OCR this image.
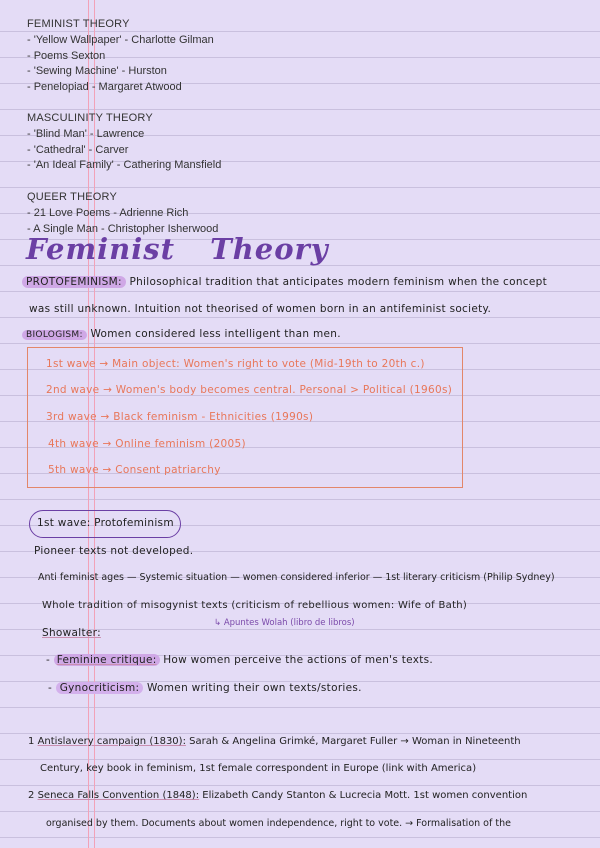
FEMINIST THEORY
- 'Yellow Wallpaper' - Charlotte Gilman
- Poems Sexton
- 'Sewing Machine' - Hurston
- Penelopiad - Margaret Atwood
MASCULINITY THEORY
- 'Blind Man' - Lawrence
- 'Cathedral' - Carver
- 'An Ideal Family' - Cathering Mansfield
QUEER THEORY
- 21 Love Poems - Adrienne Rich
- A Single Man - Christopher Isherwood
Feminist Theory
PROTOFEMINISM: Philosophical tradition that anticipates modern feminism when the concept
was still unknown. Intuition not theorised of women born in an antifeminist society.
BIOLOGISM: Women considered less intelligent than men.
1st wave → Main object: Women's right to vote (Mid-19th to 20th c.)
2nd wave → Women's body becomes central. Personal > Political (1960s)
3rd wave → Black feminism - Ethnicities (1990s)
4th wave → Online feminism (2005)
5th wave → Consent patriarchy
1st wave: Protofeminism
Pioneer texts not developed.
Anti feminist ages — Systemic situation — women considered inferior — 1st literary criticism (Philip Sydney)
Whole tradition of misogynist texts (criticism of rebellious women: Wife of Bath)
↳ Apuntes Wolah (libro de libros)
Showalter:
- Feminine critique: How women perceive the actions of men's texts.
- Gynocriticism: Women writing their own texts/stories.
1 Antislavery campaign (1830): Sarah & Angelina Grimké, Margaret Fuller → Woman in Nineteenth
Century, key book in feminism, 1st female correspondent in Europe (link with America)
2 Seneca Falls Convention (1848): Elizabeth Candy Stanton & Lucrecia Mott. 1st women convention
organised by them. Documents about women independence, right to vote. → Formalisation of the
